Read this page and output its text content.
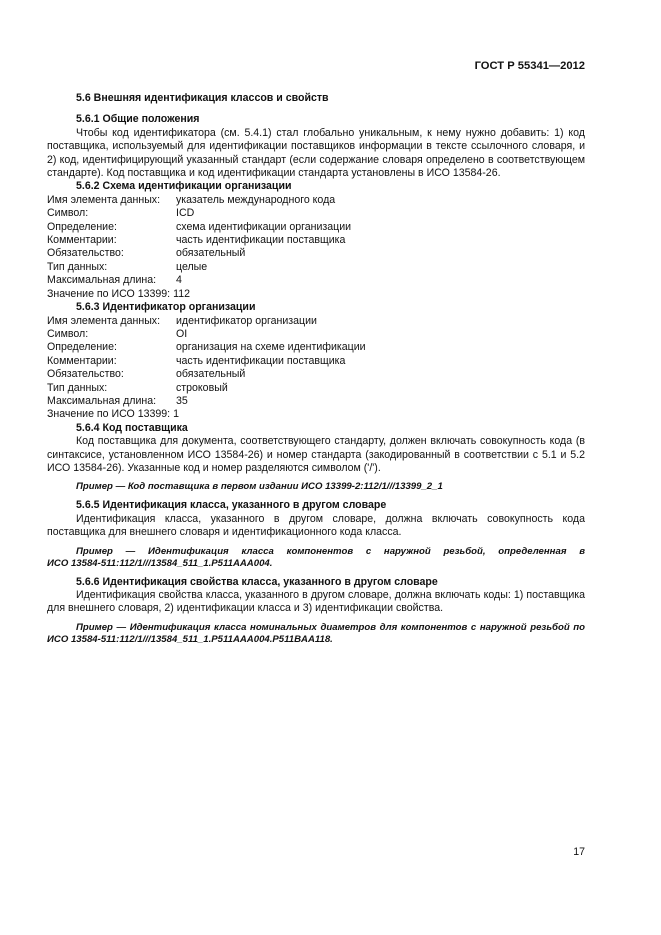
ГОСТ Р 55341—2012
5.6 Внешняя идентификация классов и свойств
5.6.1 Общие положения
Чтобы код идентификатора (см. 5.4.1) стал глобально уникальным, к нему нужно добавить: 1) код поставщика, используемый для идентификации поставщиков информации в тексте ссылочного словаря, и 2) код, идентифицирующий указанный стандарт (если содержание словаря определено в соответствующем стандарте). Код поставщика и код идентификации стандарта установлены в ИСО 13584-26.
5.6.2 Схема идентификации организации
Имя элемента данных:	указатель международного кода
Символ:	ICD
Определение:	схема идентификации организации
Комментарии:	часть идентификации поставщика
Обязательство:	обязательный
Тип данных:	целые
Максимальная длина:	4
Значение по ИСО 13399: 112
5.6.3 Идентификатор организации
Имя элемента данных:	идентификатор организации
Символ:	OI
Определение:	организация на схеме идентификации
Комментарии:	часть идентификации поставщика
Обязательство:	обязательный
Тип данных:	строковый
Максимальная длина:	35
Значение по ИСО 13399: 1
5.6.4 Код поставщика
Код поставщика для документа, соответствующего стандарту, должен включать совокупность кода (в синтаксисе, установленном ИСО 13584-26) и номер стандарта (закодированный в соответствии с 5.1 и 5.2 ИСО 13584-26). Указанные код и номер разделяются символом ('/').
Пример — Код поставщика в первом издании ИСО 13399-2:112/1///13399_2_1
5.6.5 Идентификация класса, указанного в другом словаре
Идентификация класса, указанного в другом словаре, должна включать совокупность кода поставщика для внешнего словаря и идентификационного кода класса.
Пример — Идентификация класса компонентов с наружной резьбой, определенная в
ИСО 13584-511:112/1///13584_511_1.P511AAA004.
5.6.6 Идентификация свойства класса, указанного в другом словаре
Идентификация свойства класса, указанного в другом словаре, должна включать коды: 1) поставщика для внешнего словаря, 2) идентификации класса и 3) идентификации свойства.
Пример — Идентификация класса номинальных диаметров для компонентов с наружной резьбой по ИСО 13584-511:112/1///13584_511_1.P511AAA004.P511BAA118.
17
